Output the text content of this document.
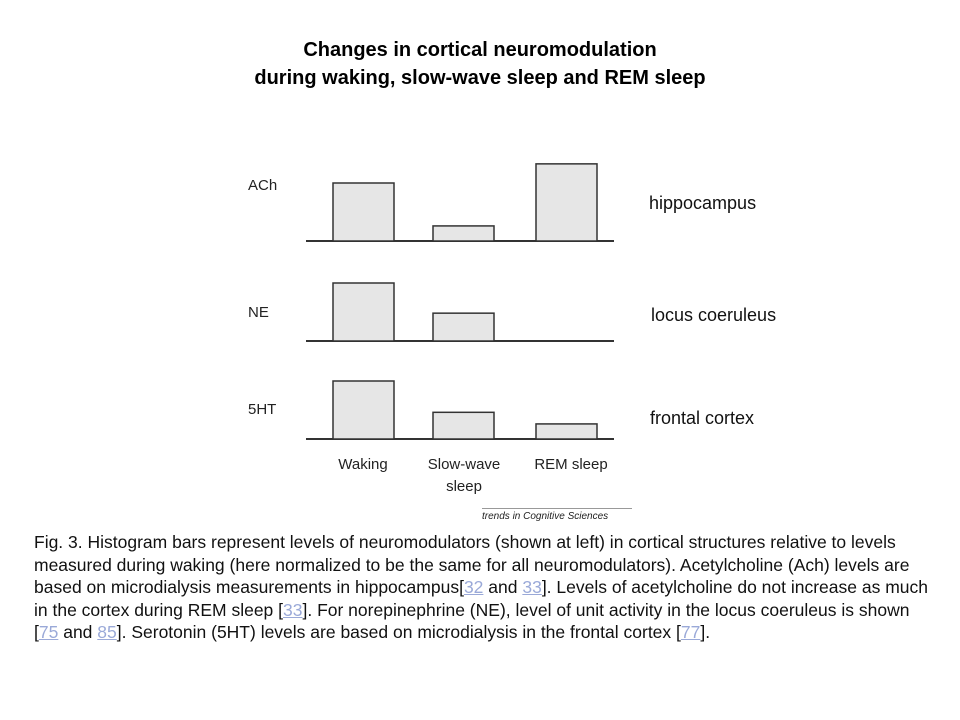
Changes in cortical neuromodulation
during waking, slow-wave sleep and REM sleep
ACh
NE
5HT
Waking	Slow-wave
sleep
REM sleep
hippocampus
locus coeruleus
frontal cortex
trends in Cognitive Sciences
Fig. 3. Histogram bars represent levels of neuromodulators (shown at left) in cortical structures relative to levels measured during waking (here normalized to be the same for all neuromodulators). Acetylcholine (Ach) levels are based on microdialysis measurements in hippocampus[32 and 33]. Levels of acetylcholine do not increase as much in the cortex during REM sleep [33]. For norepinephrine (NE), level of unit activity in the locus coeruleus is shown [75 and 85]. Serotonin (5HT) levels are based on microdialysis in the frontal cortex [77].
